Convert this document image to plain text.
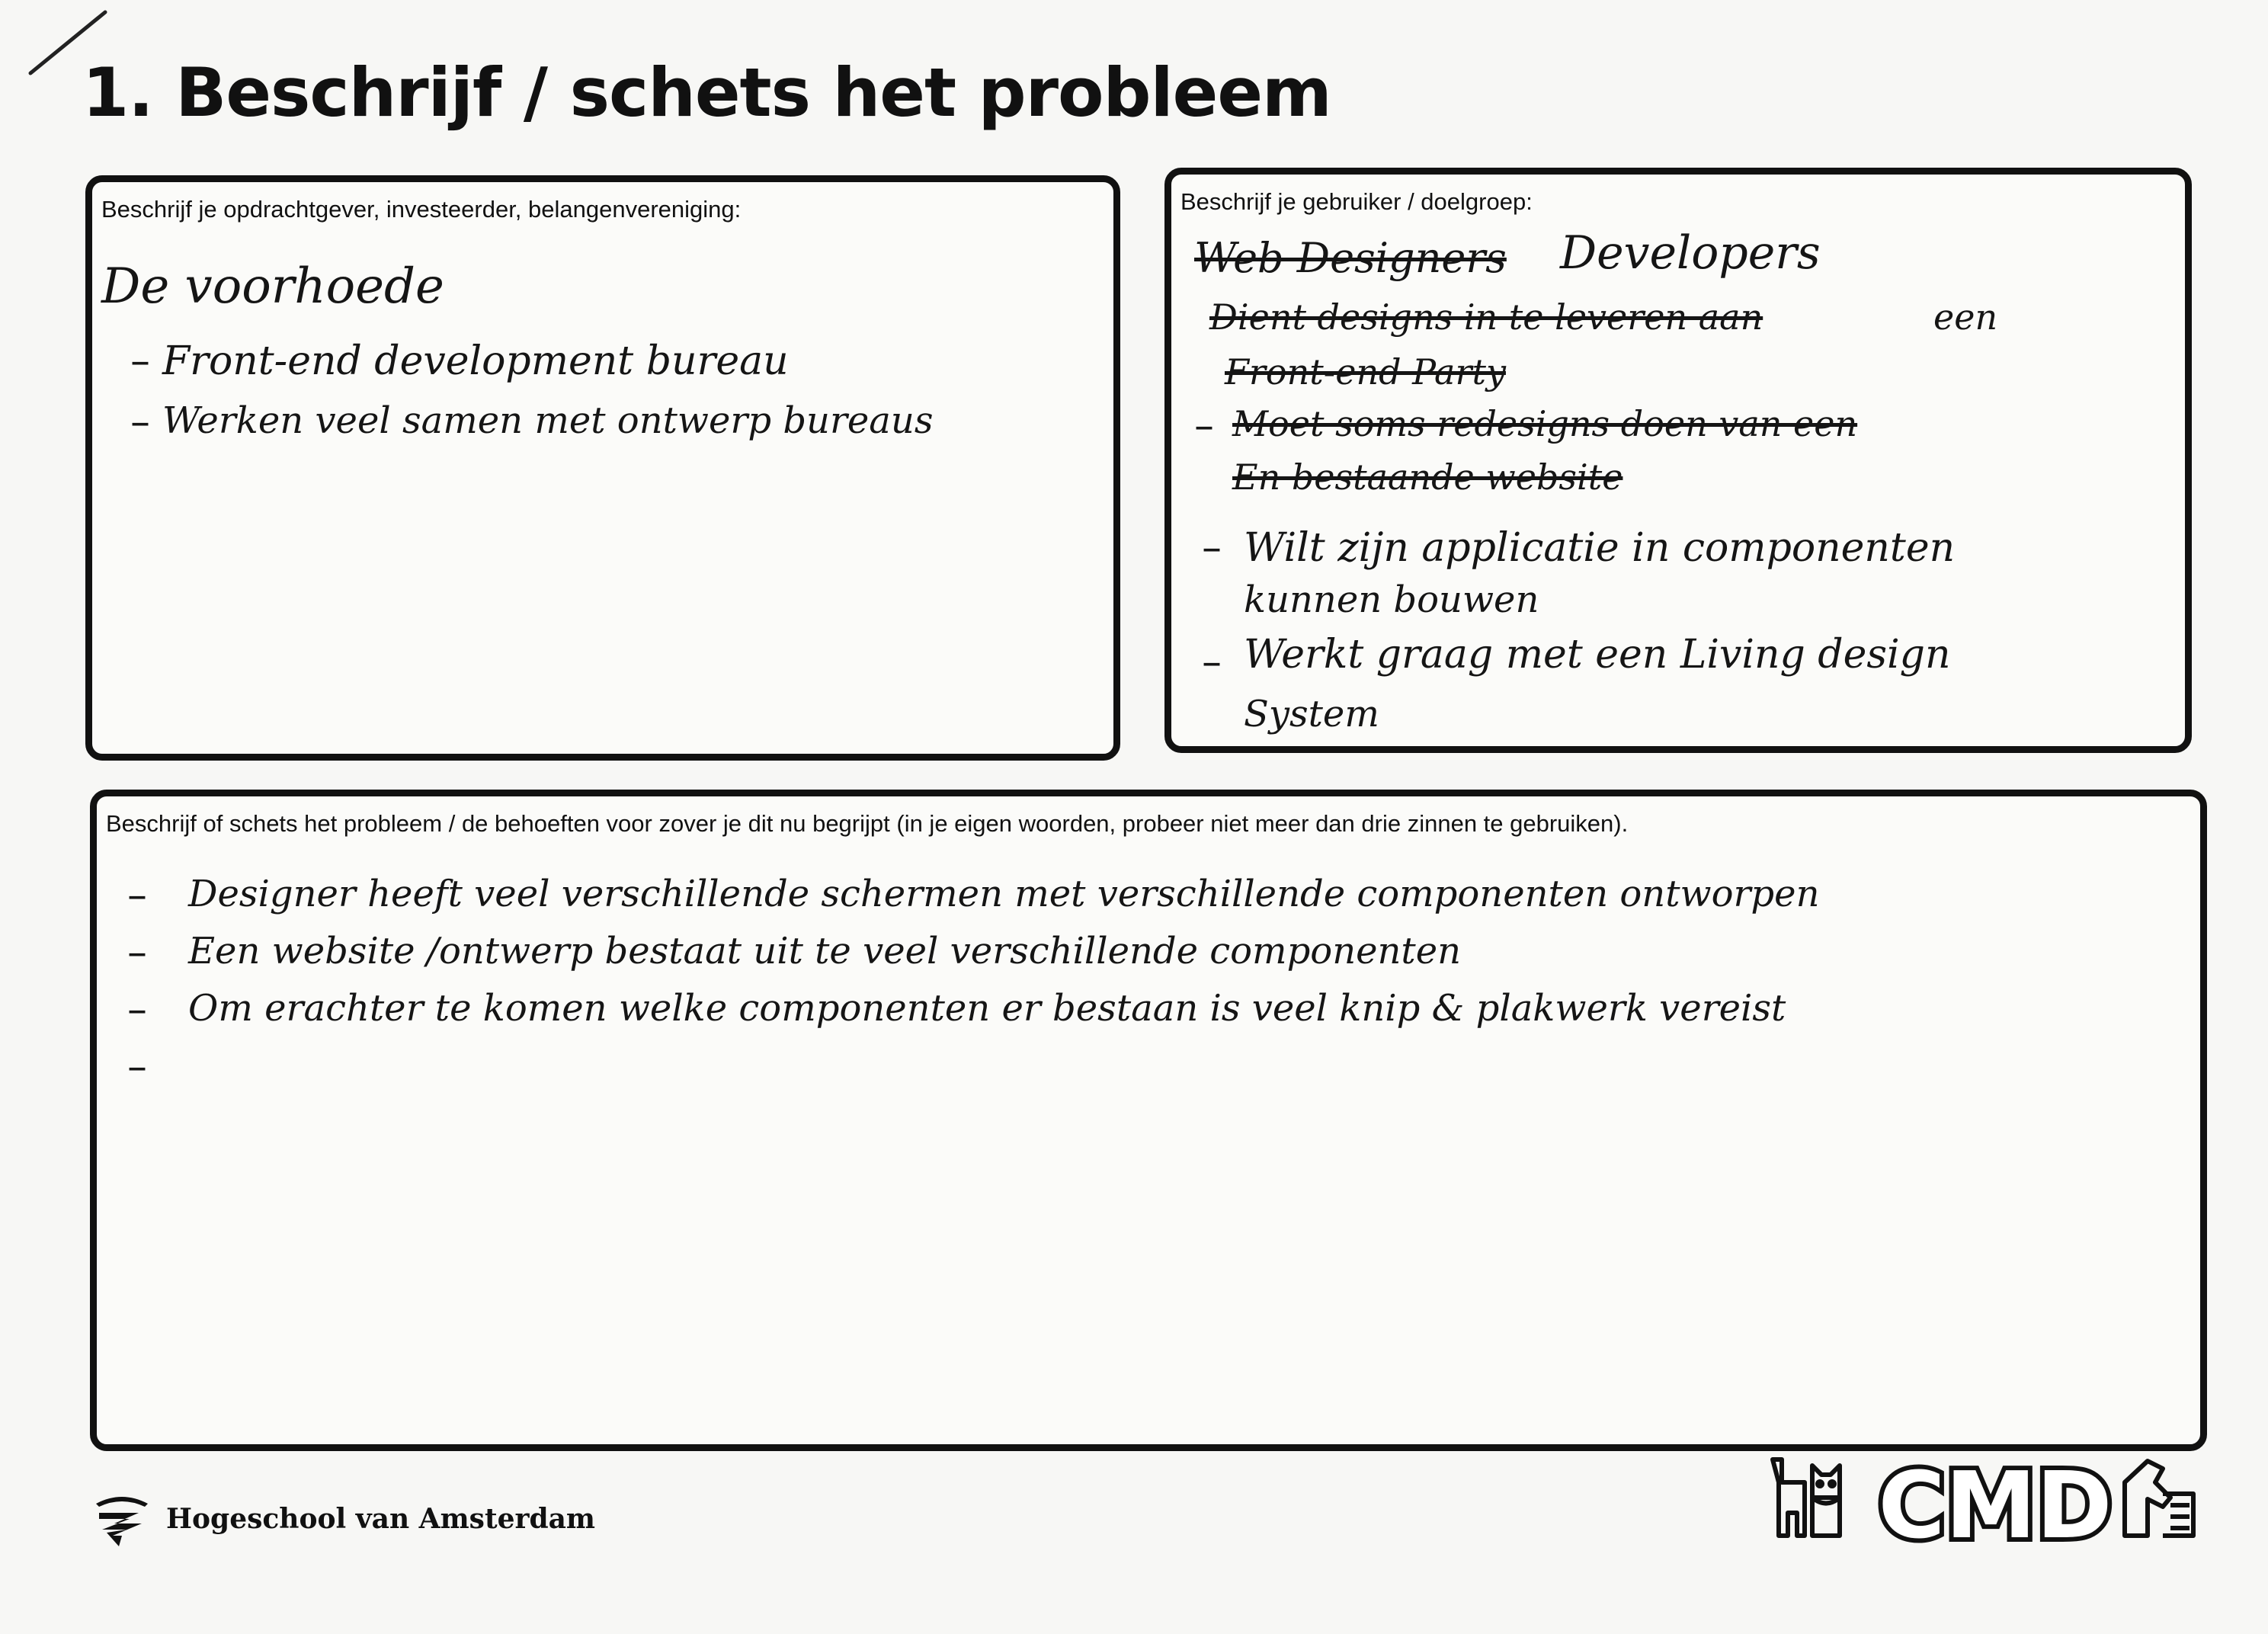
1. Beschrijf / schets het probleem
Beschrijf je opdrachtgever, investeerder, belangenvereniging:
De voorhoede
– Front-end development bureau
– Werken veel samen met ontwerp bureaus
Beschrijf je gebruiker / doelgroep:
Web Designers Developers
Dient designs in te leveren aan	een
Front-end Party
– Moet soms redesigns doen van een
En bestaande website
– Wilt zijn applicatie in componenten
kunnen bouwen
– Werkt graag met een Living design
System
Beschrijf of schets het probleem / de behoeften voor zover je dit nu begrijpt (in je eigen woorden, probeer niet meer dan drie zinnen te gebruiken).
– Designer heeft veel verschillende schermen met verschillende componenten ontworpen
– Een website /ontwerp bestaat uit te veel verschillende componenten
– Om erachter te komen welke componenten er bestaan is veel knip & plakwerk vereist
–
Hogeschool van Amsterdam	CMD
